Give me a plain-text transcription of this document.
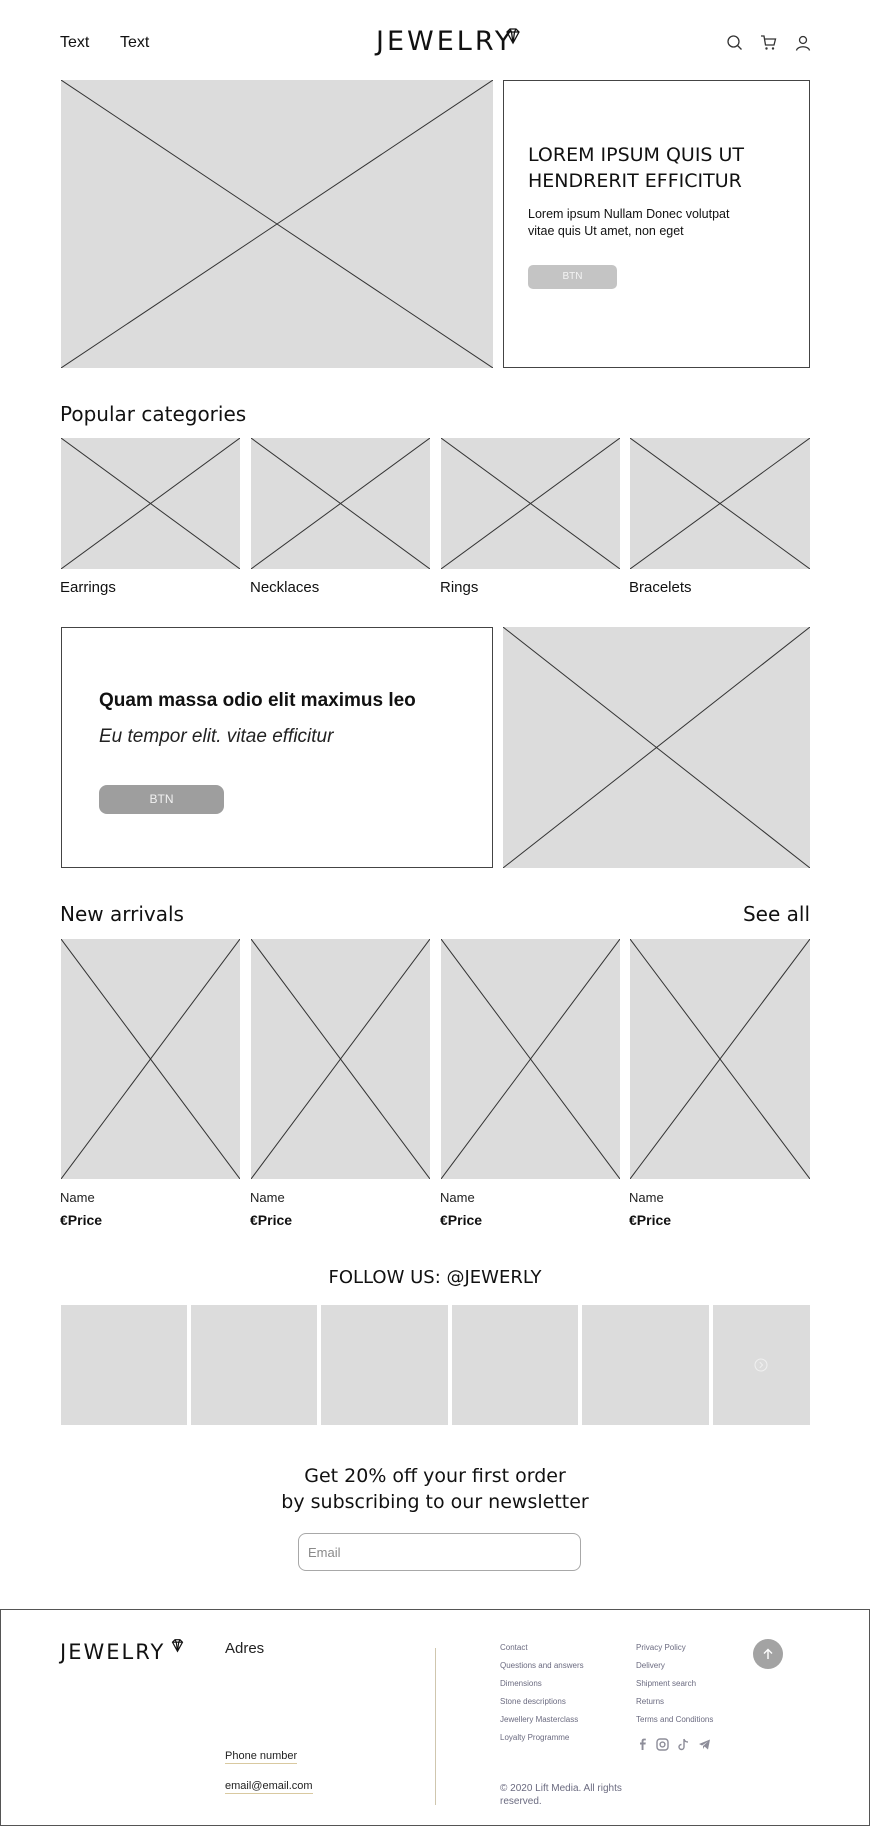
Text Text	JEWELRY
LOREM IPSUM QUIS UT HENDRERIT EFFICITUR
Lorem ipsum Nullam Donec volutpat vitae quis Ut amet, non eget
BTN
Popular categories
Earrings	Necklaces	Rings	Bracelets
Quam massa odio elit maximus leo
Eu tempor elit. vitae efficitur
BTN
New arrivals	See all
Name	Name	Name	Name
€Price	€Price	€Price	€Price
FOLLOW US: @JEWERLY
Get 20% off your first order
by subscribing to our newsletter
Email
JEWELRY	Adres
Phone number
email@email.com
Contact
Questions and answers
Dimensions
Stone descriptions
Jewellery Masterclass
Loyalty Programme
Privacy Policy
Delivery
Shipment search
Returns
Terms and Conditions
© 2020 Lift Media. All rights reserved.
